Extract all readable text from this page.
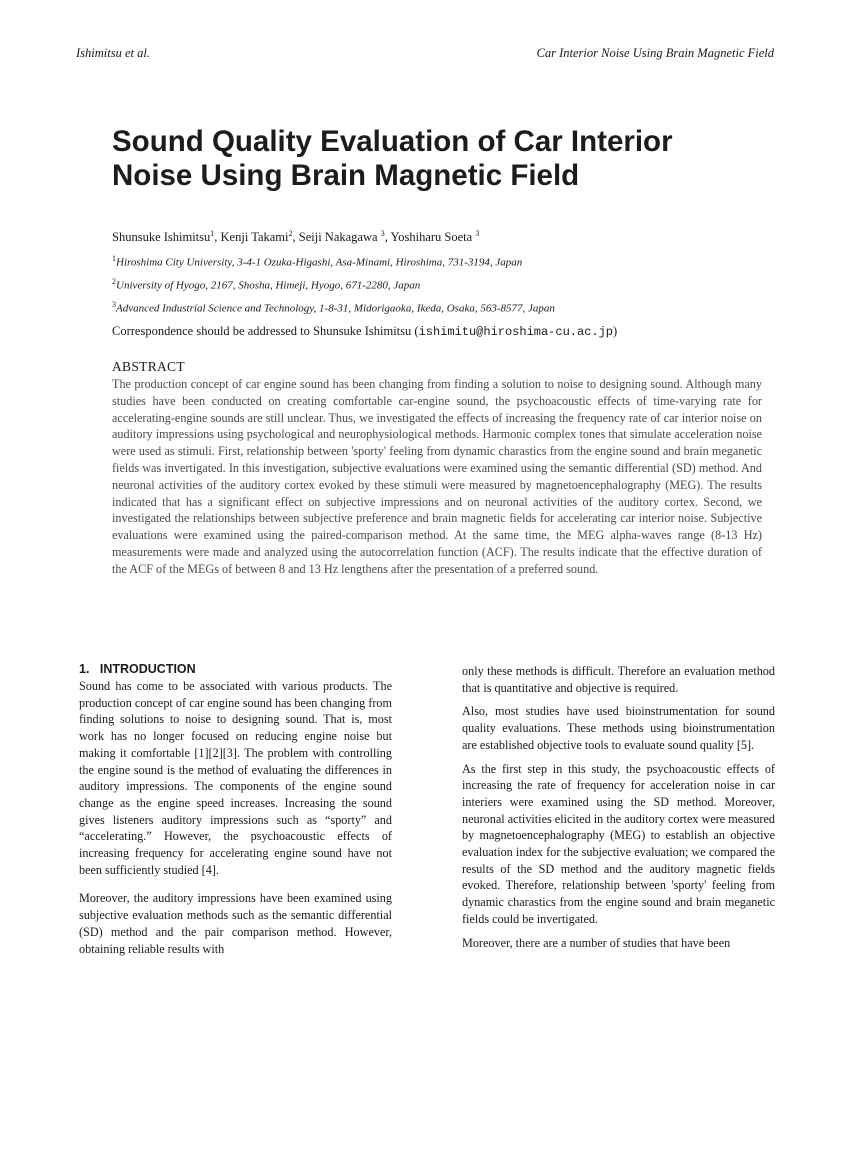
Ishimitsu et al.	Car Interior Noise Using Brain Magnetic Field
Sound Quality Evaluation of Car Interior
Noise Using Brain Magnetic Field
Shunsuke Ishimitsu$^1$, Kenji Takami$^2$, Seiji Nakagawa $^3$, Yoshiharu Soeta $^3$
$^1$Hiroshima City University, 3-4-1 Ozuka-Higashi, Asa-Minami, Hiroshima, 731-3194, Japan
$^2$University of Hyogo, 2167, Shosha, Himeji, Hyogo, 671-2280, Japan
$^3$Advanced Industrial Science and Technology, 1-8-31, Midorigaoka, Ikeda, Osaka, 563-8577, Japan
Correspondence should be addressed to Shunsuke Ishimitsu (ishimitu@hiroshima-cu.ac.jp)
ABSTRACT
The production concept of car engine sound has been changing from finding a solution to noise to designing sound. Although many studies have been conducted on creating comfortable car-engine sound, the psychoacoustic effects of time-varying rate for accelerating-engine sounds are still unclear. Thus, we investigated the effects of increasing the frequency rate of car interior noise on auditory impressions using psychological and neurophysiological methods. Harmonic complex tones that simulate acceleration noise were used as stimuli. First, relationship between 'sporty' feeling from dynamic charastics from the engine sound and brain meganetic fields was invertigated. In this investigation, subjective evaluations were examined using the semantic differential (SD) method. And neuronal activities of the auditory cortex evoked by these stimuli were measured by magnetoencephalography (MEG). The results indicated that has a significant effect on subjective impressions and on neuronal activities of the auditory cortex. Second, we investigated the relationships between subjective preference and brain magnetic fields for accelerating car interior noise. Subjective evaluations were examined using the paired-comparison method. At the same time, the MEG alpha-waves range (8-13 Hz) measurements were made and analyzed using the autocorrelation function (ACF). The results indicate that the effective duration of the ACF of the MEGs of between 8 and 13 Hz lengthens after the presentation of a preferred sound.
1.   INTRODUCTION

Sound has come to be associated with various products. The production concept of car engine sound has been changing from finding solutions to noise to designing sound. That is, most work has no longer focused on reducing engine noise but making it comfortable [1][2][3]. The problem with controlling the engine sound is the method of evaluating the differences in auditory impressions. The components of the engine sound change as the engine speed increases. Increasing the sound gives listeners auditory impressions such as “sporty” and “accelerating.” However, the psychoacoustic effects of increasing frequency for accelerating engine sound have not been sufficiently studied [4].

Moreover, the auditory impressions have been examined using subjective evaluation methods such as the semantic differential (SD) method and the pair comparison method. However, obtaining reliable results with

only these methods is difficult. Therefore an evaluation method that is quantitative and objective is required.

Also, most studies have used bioinstrumentation for sound quality evaluations. These methods using bioinstrumentation are established objective tools to evaluate sound quality [5].

As the first step in this study, the psychoacoustic effects of increasing the rate of frequency for acceleration noise in car interiers were examined using the SD method. Moreover, neuronal activities elicited in the auditory cortex were measured by magnetoencephalography (MEG) to establish an objective evaluation index for the subjective evaluation; we compared the results of the SD method and the auditory magnetic fields evoked. Therefore, relationship between 'sporty' feeling from dynamic charastics from the engine sound and brain meganetic fields could be invertigated.

Moreover, there are a number of studies that have been
